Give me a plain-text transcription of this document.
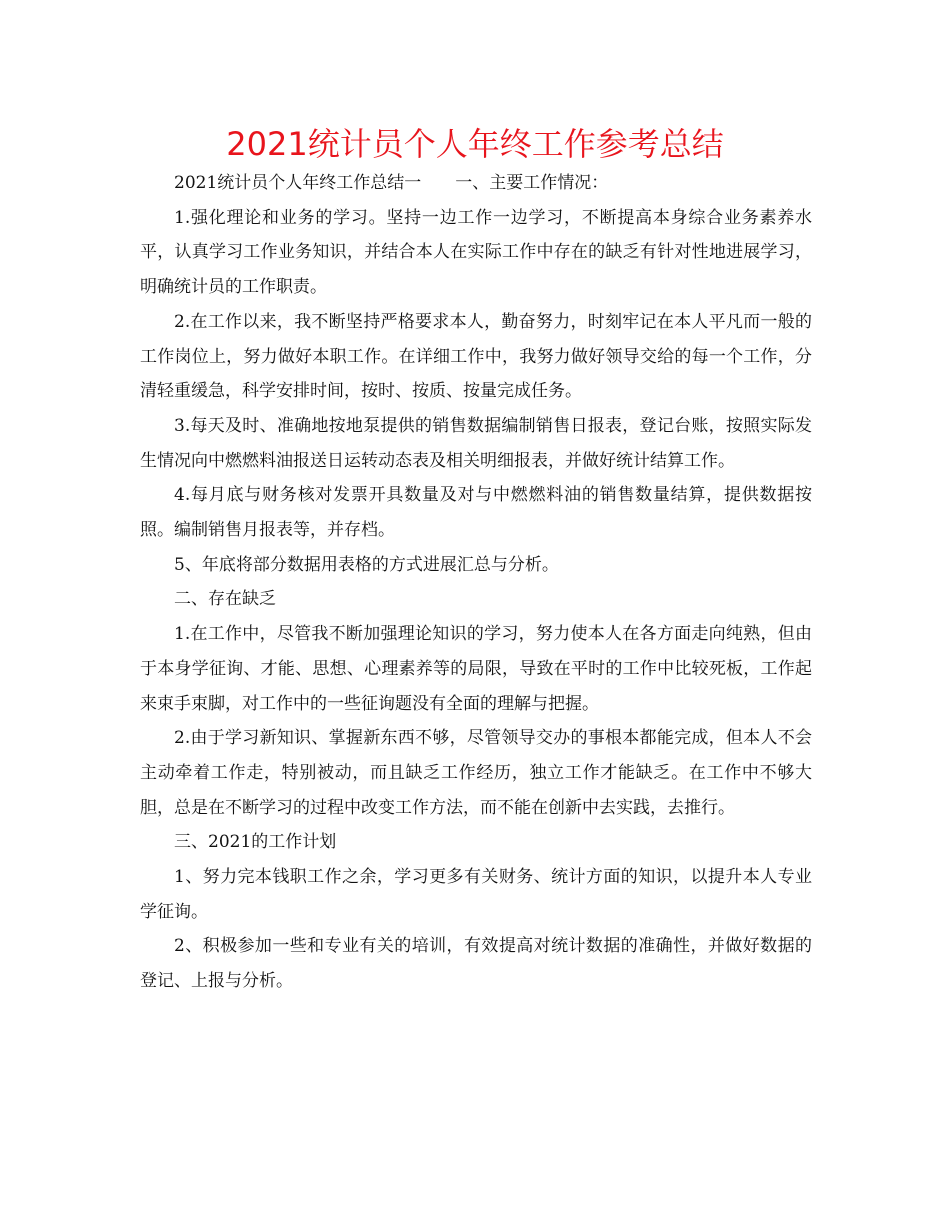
2021统计员个人年终工作参考总结

2021统计员个人年终工作总结一　　一、主要工作情况：

1.强化理论和业务的学习。坚持一边工作一边学习，不断提高本身综合业务素养水平，认真学习工作业务知识，并结合本人在实际工作中存在的缺乏有针对性地进展学习，明确统计员的工作职责。

2.在工作以来，我不断坚持严格要求本人，勤奋努力，时刻牢记在本人平凡而一般的工作岗位上，努力做好本职工作。在详细工作中，我努力做好领导交给的每一个工作，分清轻重缓急，科学安排时间，按时、按质、按量完成任务。

3.每天及时、准确地按地泵提供的销售数据编制销售日报表，登记台账，按照实际发生情况向中燃燃料油报送日运转动态表及相关明细报表，并做好统计结算工作。

4.每月底与财务核对发票开具数量及对与中燃燃料油的销售数量结算，提供数据按照。编制销售月报表等，并存档。

5、年底将部分数据用表格的方式进展汇总与分析。

二、存在缺乏

1.在工作中，尽管我不断加强理论知识的学习，努力使本人在各方面走向纯熟，但由于本身学征询、才能、思想、心理素养等的局限，导致在平时的工作中比较死板，工作起来束手束脚，对工作中的一些征询题没有全面的理解与把握。

2.由于学习新知识、掌握新东西不够，尽管领导交办的事根本都能完成，但本人不会主动牵着工作走，特别被动，而且缺乏工作经历，独立工作才能缺乏。在工作中不够大胆，总是在不断学习的过程中改变工作方法，而不能在创新中去实践，去推行。

三、2021的工作计划

1、努力完本钱职工作之余，学习更多有关财务、统计方面的知识，以提升本人专业学征询。

2、积极参加一些和专业有关的培训，有效提高对统计数据的准确性，并做好数据的登记、上报与分析。
